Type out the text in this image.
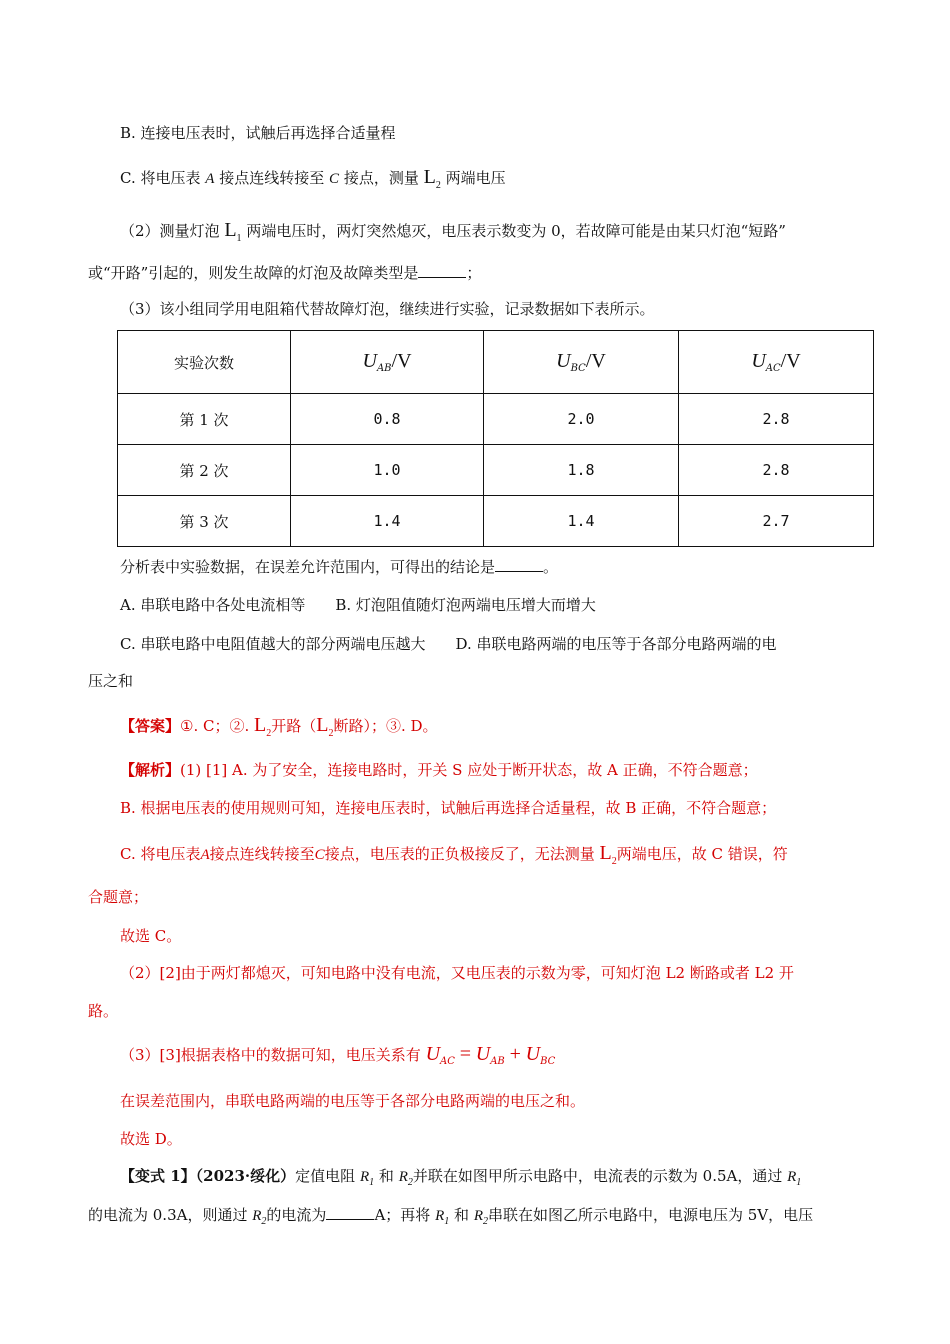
B. 连接电压表时，试触后再选择合适量程
C. 将电压表 A 接点连线转接至 C 接点，测量 $L_2$ 两端电压
（2）测量灯泡 $L_1$ 两端电压时，两灯突然熄灭，电压表示数变为 0，若故障可能是由某只灯泡“短路”
或“开路”引起的，则发生故障的灯泡及故障类型是	；
（3）该小组同学用电阻箱代替故障灯泡，继续进行实验，记录数据如下表所示。
实验次数	$U_{AB}/V$	$U_{BC}/V$	$U_{AC}/V$
第 1 次	0.8	2.0	2.8
第 2 次	1.0	1.8	2.8
第 3 次	1.4	1.4	2.7
分析表中实验数据，在误差允许范围内，可得出的结论是	。
A. 串联电路中各处电流相等 B. 灯泡阻值随灯泡两端电压增大而增大
C. 串联电路中电阻值越大的部分两端电压越大 D. 串联电路两端的电压等于各部分电路两端的电
压之和
【答案】①. C；②. $L_2$开路（$L_2$断路）；③. D。
【解析】(1) [1] A. 为了安全，连接电路时，开关 S 应处于断开状态，故 A 正确，不符合题意；
B. 根据电压表的使用规则可知，连接电压表时，试触后再选择合适量程，故 B 正确，不符合题意；
C. 将电压表A接点连线转接至C接点，电压表的正负极接反了，无法测量 $L_2$两端电压，故 C 错误，符
合题意；
故选 C。
（2）[2]由于两灯都熄灭，可知电路中没有电流，又电压表的示数为零，可知灯泡 L2 断路或者 L2 开
路。
（3）[3]根据表格中的数据可知，电压关系有 $U_{AC} = U_{AB} + U_{BC}$
在误差范围内，串联电路两端的电压等于各部分电路两端的电压之和。
故选 D。
【变式 1】（2023·绥化）定值电阻 $R_1$ 和 $R_2$并联在如图甲所示电路中，电流表的示数为 0.5A，通过 $R_1$
的电流为 0.3A，则通过 $R_2$的电流为	A；再将 $R_1$ 和 $R_2$串联在如图乙所示电路中，电源电压为 5V，电压
